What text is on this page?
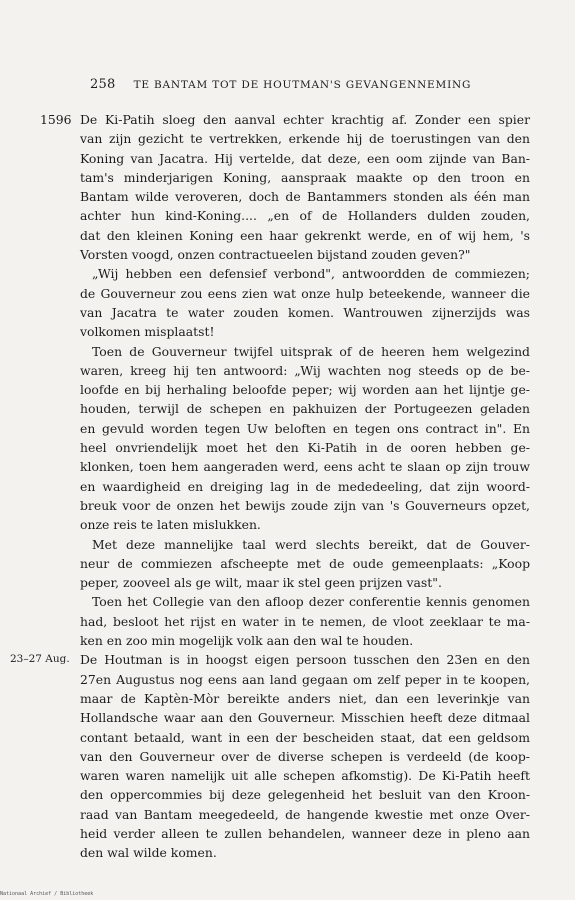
258 TE BANTAM TOT DE HOUTMAN'S GEVANGENNEMING
De Ki-Patih sloeg den aanval echter krachtig af. Zonder een spier
1596
van zijn gezicht te vertrekken, erkende hij de toerustingen van den
Koning van Jacatra. Hij vertelde, dat deze, een oom zijnde van Ban-
tam's minderjarigen Koning, aanspraak maakte op den troon en
Bantam wilde veroveren, doch de Bantammers stonden als één man
achter hun kind-Koning.... „en of de Hollanders dulden zouden,
dat den kleinen Koning een haar gekrenkt werde, en of wij hem, 's
Vorsten voogd, onzen contractueelen bijstand zouden geven?"
„Wij hebben een defensief verbond", antwoordden de commiezen;
de Gouverneur zou eens zien wat onze hulp beteekende, wanneer die
van Jacatra te water zouden komen. Wantrouwen zijnerzijds was
volkomen misplaatst!
Toen de Gouverneur twijfel uitsprak of de heeren hem welgezind
waren, kreeg hij ten antwoord: „Wij wachten nog steeds op de be-
loofde en bij herhaling beloofde peper; wij worden aan het lijntje ge-
houden, terwijl de schepen en pakhuizen der Portugeezen geladen
en gevuld worden tegen Uw beloften en tegen ons contract in". En
heel onvriendelijk moet het den Ki-Patih in de ooren hebben ge-
klonken, toen hem aangeraden werd, eens acht te slaan op zijn trouw
en waardigheid en dreiging lag in de mededeeling, dat zijn woord-
breuk voor de onzen het bewijs zoude zijn van 's Gouverneurs opzet,
onze reis te laten mislukken.
Met deze mannelijke taal werd slechts bereikt, dat de Gouver-
neur de commiezen afscheepte met de oude gemeenplaats: „Koop
peper, zooveel als ge wilt, maar ik stel geen prijzen vast".
Toen het Collegie van den afloop dezer conferentie kennis genomen
had, besloot het rijst en water in te nemen, de vloot zeeklaar te ma-
ken en zoo min mogelijk volk aan den wal te houden.
De Houtman is in hoogst eigen persoon tusschen den 23en en den
23–27 Aug.
27en Augustus nog eens aan land gegaan om zelf peper in te koopen,
maar de Kaptèn-Mòr bereikte anders niet, dan een leverinkje van
Hollandsche waar aan den Gouverneur. Misschien heeft deze ditmaal
contant betaald, want in een der bescheiden staat, dat een geldsom
van den Gouverneur over de diverse schepen is verdeeld (de koop-
waren waren namelijk uit alle schepen afkomstig). De Ki-Patih heeft
den oppercommies bij deze gelegenheid het besluit van den Kroon-
raad van Bantam meegedeeld, de hangende kwestie met onze Over-
heid verder alleen te zullen behandelen, wanneer deze in pleno aan
den wal wilde komen.
Nationaal Archief / Bibliotheek
